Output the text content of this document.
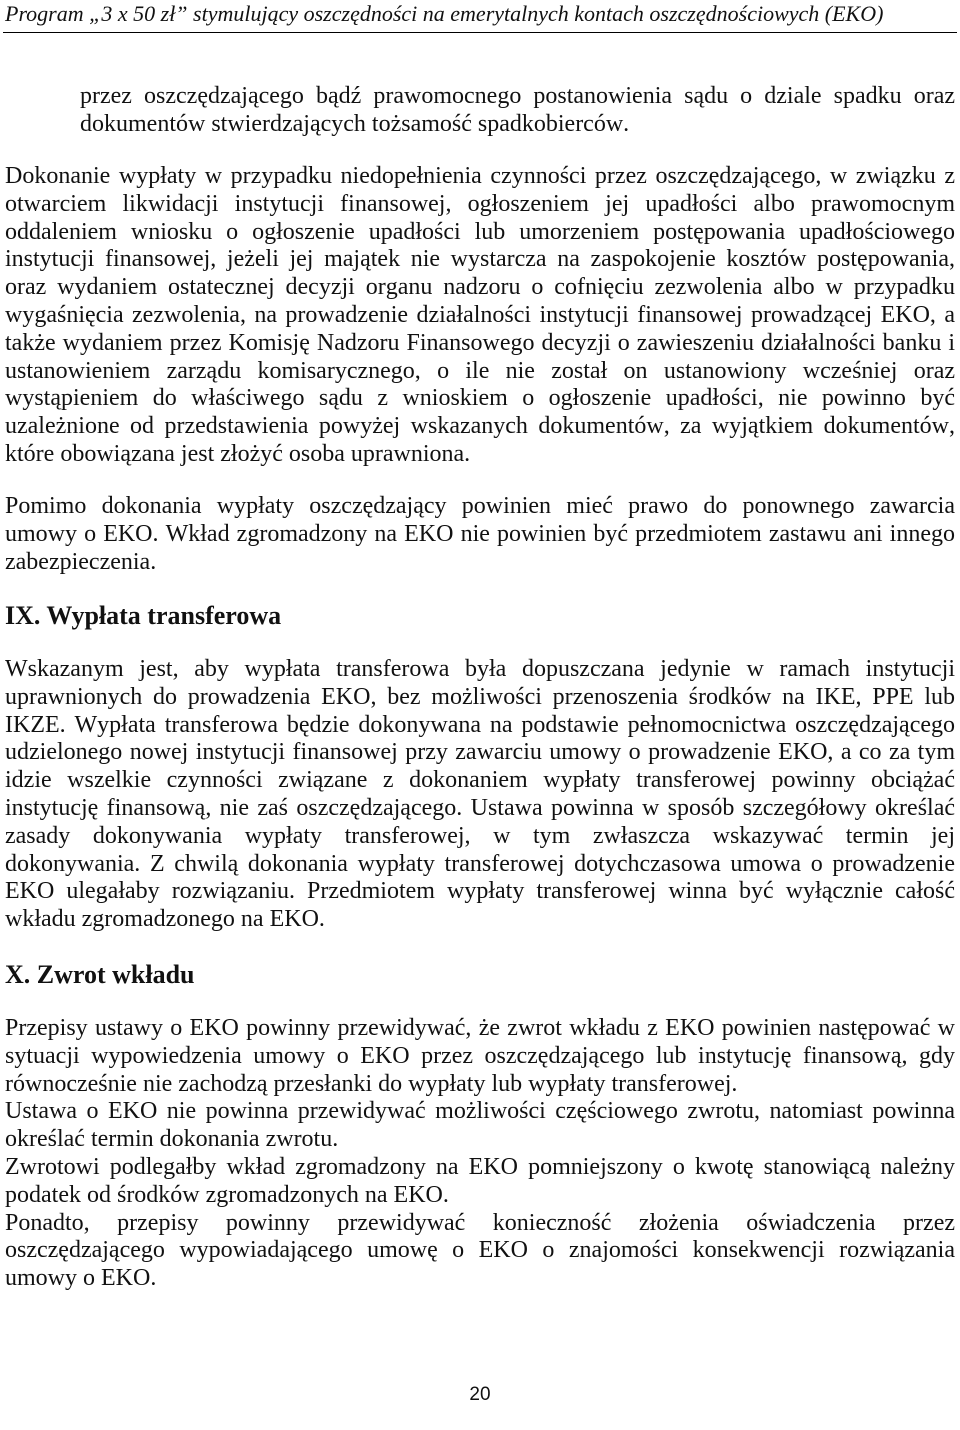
Program „3 x 50 zł” stymulujący oszczędności na emerytalnych kontach oszczędnościowych (EKO)
przez oszczędzającego bądź prawomocnego postanowienia sądu o dziale spadku oraz
dokumentów stwierdzających tożsamość spadkobierców.
Dokonanie wypłaty w przypadku niedopełnienia czynności przez oszczędzającego, w związku z
otwarciem likwidacji instytucji finansowej, ogłoszeniem jej upadłości albo prawomocnym
oddaleniem wniosku o ogłoszenie upadłości lub umorzeniem postępowania upadłościowego
instytucji finansowej, jeżeli jej majątek nie wystarcza na zaspokojenie kosztów postępowania,
oraz wydaniem ostatecznej decyzji organu nadzoru o cofnięciu zezwolenia albo w przypadku
wygaśnięcia zezwolenia, na prowadzenie działalności instytucji finansowej prowadzącej EKO, a
także wydaniem przez Komisję Nadzoru Finansowego decyzji o zawieszeniu działalności banku i
ustanowieniem zarządu komisarycznego, o ile nie został on ustanowiony wcześniej oraz
wystąpieniem do właściwego sądu z wnioskiem o ogłoszenie upadłości, nie powinno być
uzależnione od przedstawienia powyżej wskazanych dokumentów, za wyjątkiem dokumentów,
które obowiązana jest złożyć osoba uprawniona.
Pomimo dokonania wypłaty oszczędzający powinien mieć prawo do ponownego zawarcia
umowy o EKO. Wkład zgromadzony na EKO nie powinien być przedmiotem zastawu ani innego
zabezpieczenia.
IX. Wypłata transferowa
Wskazanym jest, aby wypłata transferowa była dopuszczana jedynie w ramach instytucji
uprawnionych do prowadzenia EKO, bez możliwości przenoszenia środków na IKE, PPE lub
IKZE. Wypłata transferowa będzie dokonywana na podstawie pełnomocnictwa oszczędzającego
udzielonego nowej instytucji finansowej przy zawarciu umowy o prowadzenie EKO, a co za tym
idzie wszelkie czynności związane z dokonaniem wypłaty transferowej powinny obciążać
instytucję finansową, nie zaś oszczędzającego. Ustawa powinna w sposób szczegółowy określać
zasady dokonywania wypłaty transferowej, w tym zwłaszcza wskazywać termin jej
dokonywania. Z chwilą dokonania wypłaty transferowej dotychczasowa umowa o prowadzenie
EKO ulegałaby rozwiązaniu. Przedmiotem wypłaty transferowej winna być wyłącznie całość
wkładu zgromadzonego na EKO.
X. Zwrot wkładu
Przepisy ustawy o EKO powinny przewidywać, że zwrot wkładu z EKO powinien następować w
sytuacji wypowiedzenia umowy o EKO przez oszczędzającego lub instytucję finansową, gdy
równocześnie nie zachodzą przesłanki do wypłaty lub wypłaty transferowej.
Ustawa o EKO nie powinna przewidywać możliwości częściowego zwrotu, natomiast powinna
określać termin dokonania zwrotu.
Zwrotowi podlegałby wkład zgromadzony na EKO pomniejszony o kwotę stanowiącą należny
podatek od środków zgromadzonych na EKO.
Ponadto, przepisy powinny przewidywać konieczność złożenia oświadczenia przez
oszczędzającego wypowiadającego umowę o EKO o znajomości konsekwencji rozwiązania
umowy o EKO.
20
